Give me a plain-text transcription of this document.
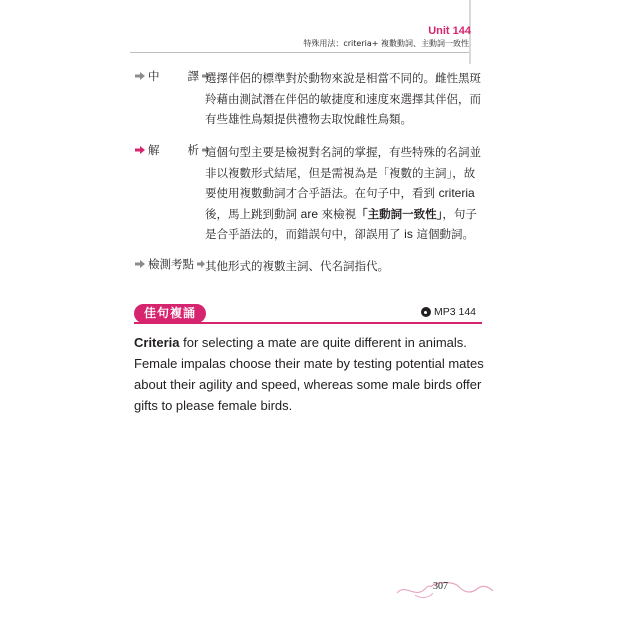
Unit 144
特殊用法：criteria+ 複數動詞、主動詞一致性
中 譯 選擇伴侶的標準對於動物來說是相當不同的。雌性黑斑羚藉由測試潛在伴侶的敏捷度和速度來選擇其伴侶，而有些雄性鳥類提供禮物去取悅雌性鳥類。
解 析 這個句型主要是檢視對名詞的掌握，有些特殊的名詞並非以複數形式結尾，但是需視為是「複數的主詞」，故要使用複數動詞才合乎語法。在句子中，看到 criteria後，馬上跳到動詞 are 來檢視「主動詞一致性」，句子是合乎語法的，而錯誤句中，卻誤用了 is 這個動詞。
檢測考點 其他形式的複數主詞、代名詞指代。
佳句複誦	MP3 144
Criteria for selecting a mate are quite different in animals. Female impalas choose their mate by testing potential mates about their agility and speed, whereas some male birds offer gifts to please female birds.
307
